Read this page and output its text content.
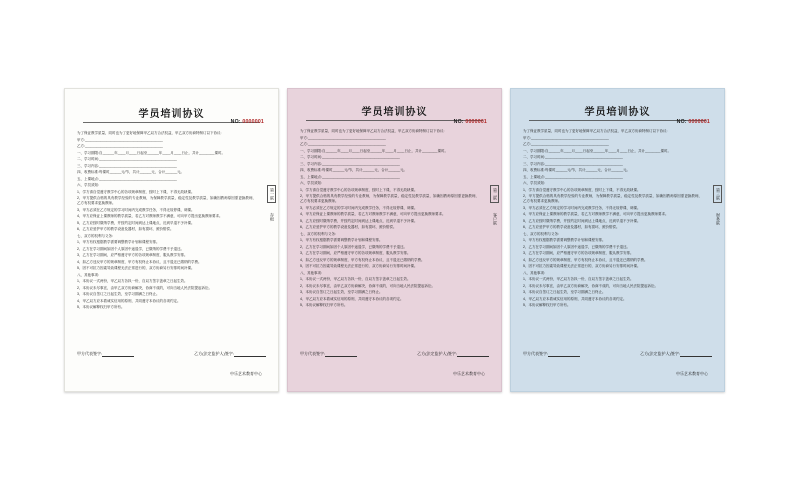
学员培训协议
NO: 0000001

为了保证教学质量，同时也为了更好地保障甲乙双方合法权益，甲乙双方协商特制订以下协议:

甲方:________________________________________

乙方:________________________________________

一、学习期限:自______年____月____日起至______年____月____日止，共计________课时。

二、学习时间:________________________________________

三、学习内容:________________________________________

四、收费标准:每课时______元/节，共计______元，合计______元。

五、上课地点:________________________________________

六、学员须知:

1、学方请自觉遵守教学中心的各项规章制度，按时上下课，不得无故缺课。

2、甲方提供合格的具有教学经验的专业教师，为保障教学质量，稳定性及教学质量，如确因教师原因需更换教师，乙方有权要求更换教师。

3、甲方必须在乙方规定的学习时间内完成教学任务，不得无故停课、调课。

4、甲方应保证上课教师的教学质量，若乙方对教师教学不满意，可向甲方提出更换教师要求。

5、乙方应按时缴纳学费，并按约定时间到达上课地点，迟到早退不予补课。

6、乙方应爱护甲方的教学设备及器材，如有损坏，照价赔偿。

七、双方的权利与义务:

1、甲方有权根据教学需要调整教学计划和课程安排。

2、乙方在学习期间如因个人原因中途退学，已缴纳的学费不予退还。

3、乙方在学习期间，应严格遵守甲方的各项规章制度，服从教学安排。

4、如乙方违反甲方的规章制度，甲方有权终止本协议，且不退还已缴纳的学费。

5、因不可抗力因素导致课程无法正常进行的，双方协商另行安排时间补课。

八、其他事项:

1、本协议一式两份，甲乙双方各执一份，自双方签字盖章之日起生效。

2、本协议未尽事宜，由甲乙双方协商解决，协商不成的，可向当地人民法院提起诉讼。

3、本协议自签订之日起生效，至学习期满之日终止。

4、甲乙双方应本着诚实信用的原则，共同遵守本协议的各项约定。

5、本协议解释权归甲方所有。

第一联
存根
甲方代表签字:	乙方(法定监护人)签字:
中乐艺术教育中心
学员培训协议
NO: 0000001

为了保证教学质量，同时也为了更好地保障甲乙双方合法权益，甲乙双方协商特制订以下协议:

甲方:________________________________________

乙方:________________________________________

一、学习期限:自______年____月____日起至______年____月____日止，共计________课时。

二、学习时间:________________________________________

三、学习内容:________________________________________

四、收费标准:每课时______元/节，共计______元，合计______元。

五、上课地点:________________________________________

六、学员须知:

1、学方请自觉遵守教学中心的各项规章制度，按时上下课，不得无故缺课。

2、甲方提供合格的具有教学经验的专业教师，为保障教学质量，稳定性及教学质量，如确因教师原因需更换教师，乙方有权要求更换教师。

3、甲方必须在乙方规定的学习时间内完成教学任务，不得无故停课、调课。

4、甲方应保证上课教师的教学质量，若乙方对教师教学不满意，可向甲方提出更换教师要求。

5、乙方应按时缴纳学费，并按约定时间到达上课地点，迟到早退不予补课。

6、乙方应爱护甲方的教学设备及器材，如有损坏，照价赔偿。

七、双方的权利与义务:

1、甲方有权根据教学需要调整教学计划和课程安排。

2、乙方在学习期间如因个人原因中途退学，已缴纳的学费不予退还。

3、乙方在学习期间，应严格遵守甲方的各项规章制度，服从教学安排。

4、如乙方违反甲方的规章制度，甲方有权终止本协议，且不退还已缴纳的学费。

5、因不可抗力因素导致课程无法正常进行的，双方协商另行安排时间补课。

八、其他事项:

1、本协议一式两份，甲乙双方各执一份，自双方签字盖章之日起生效。

2、本协议未尽事宜，由甲乙双方协商解决，协商不成的，可向当地人民法院提起诉讼。

3、本协议自签订之日起生效，至学习期满之日终止。

4、甲乙双方应本着诚实信用的原则，共同遵守本协议的各项约定。

5、本协议解释权归甲方所有。

第二联
客户联
甲方代表签字:	乙方(法定监护人)签字:
中乐艺术教育中心
学员培训协议
NO: 0000001

为了保证教学质量，同时也为了更好地保障甲乙双方合法权益，甲乙双方协商特制订以下协议:

甲方:________________________________________

乙方:________________________________________

一、学习期限:自______年____月____日起至______年____月____日止，共计________课时。

二、学习时间:________________________________________

三、学习内容:________________________________________

四、收费标准:每课时______元/节，共计______元，合计______元。

五、上课地点:________________________________________

六、学员须知:

1、学方请自觉遵守教学中心的各项规章制度，按时上下课，不得无故缺课。

2、甲方提供合格的具有教学经验的专业教师，为保障教学质量，稳定性及教学质量，如确因教师原因需更换教师，乙方有权要求更换教师。

3、甲方必须在乙方规定的学习时间内完成教学任务，不得无故停课、调课。

4、甲方应保证上课教师的教学质量，若乙方对教师教学不满意，可向甲方提出更换教师要求。

5、乙方应按时缴纳学费，并按约定时间到达上课地点，迟到早退不予补课。

6、乙方应爱护甲方的教学设备及器材，如有损坏，照价赔偿。

七、双方的权利与义务:

1、甲方有权根据教学需要调整教学计划和课程安排。

2、乙方在学习期间如因个人原因中途退学，已缴纳的学费不予退还。

3、乙方在学习期间，应严格遵守甲方的各项规章制度，服从教学安排。

4、如乙方违反甲方的规章制度，甲方有权终止本协议，且不退还已缴纳的学费。

5、因不可抗力因素导致课程无法正常进行的，双方协商另行安排时间补课。

八、其他事项:

1、本协议一式两份，甲乙双方各执一份，自双方签字盖章之日起生效。

2、本协议未尽事宜，由甲乙双方协商解决，协商不成的，可向当地人民法院提起诉讼。

3、本协议自签订之日起生效，至学习期满之日终止。

4、甲乙双方应本着诚实信用的原则，共同遵守本协议的各项约定。

5、本协议解释权归甲方所有。

第三联
财务联
甲方代表签字:	乙方(法定监护人)签字:
中乐艺术教育中心
